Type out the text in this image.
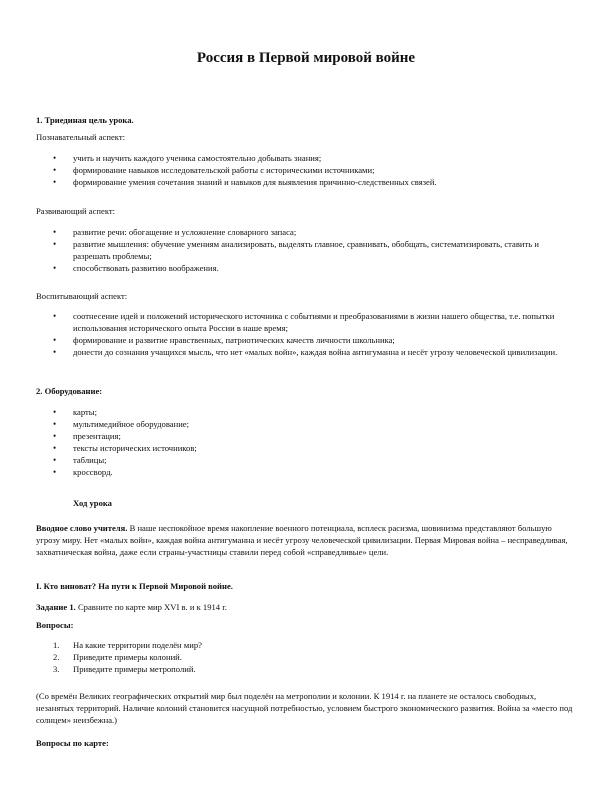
Россия в Первой мировой войне
1. Триединая цель урока.
Познавательный аспект:
• учить и научить каждого ученика самостоятельно добывать знания;
• формирование навыков исследовательской работы с историческими источниками;
• формирование умения сочетания знаний и навыков для выявления причинно-следственных связей.
Развивающий аспект:
• развитие речи: обогащение и усложнение словарного запаса;
• развитие мышления: обучение умениям анализировать, выделять главное, сравнивать, обобщать, систематизировать, ставить и разрешать проблемы;
• способствовать развитию воображения.
Воспитывающий аспект:
• соотнесение идей и положений исторического источника с событиями и преобразованиями в жизни нашего общества, т.е. попытки использования исторического опыта России в наше время;
• формирование и развитие нравственных, патриотических качеств личности школьника;
• донести до сознания учащихся мысль, что нет «малых войн», каждая война антигуманна и несёт угрозу человеческой цивилизации.
2. Оборудование:
• карты;
• мультимедийное оборудование;
• презентация;
• тексты исторических источников;
• таблицы;
• кроссворд.
Ход урока

Вводное слово учителя. В наше неспокойное время накопление военного потенциала, всплеск расизма, шовинизма представляют большую угрозу миру. Нет «малых войн», каждая война антигуманна и несёт угрозу человеческой цивилизации. Первая Мировая война – несправедливая, захватническая война, даже если страны-участницы ставили перед собой «справедливые» цели.

I. Кто виноват? На пути к Первой Мировой войне.

Задание 1. Сравните по карте мир XVI в. и к 1914 г.

Вопросы:
1. На какие территории поделён мир?
2. Приведите примеры колоний.
3. Приведите примеры метрополий.

(Со времён Великих географических открытий мир был поделён на метрополии и колонии. К 1914 г. на планете не осталось свободных, незанятых территорий. Наличие колоний становится насущной потребностью, условием быстрого экономического развития. Война за «место под солнцем» неизбежна.)

Вопросы по карте:
